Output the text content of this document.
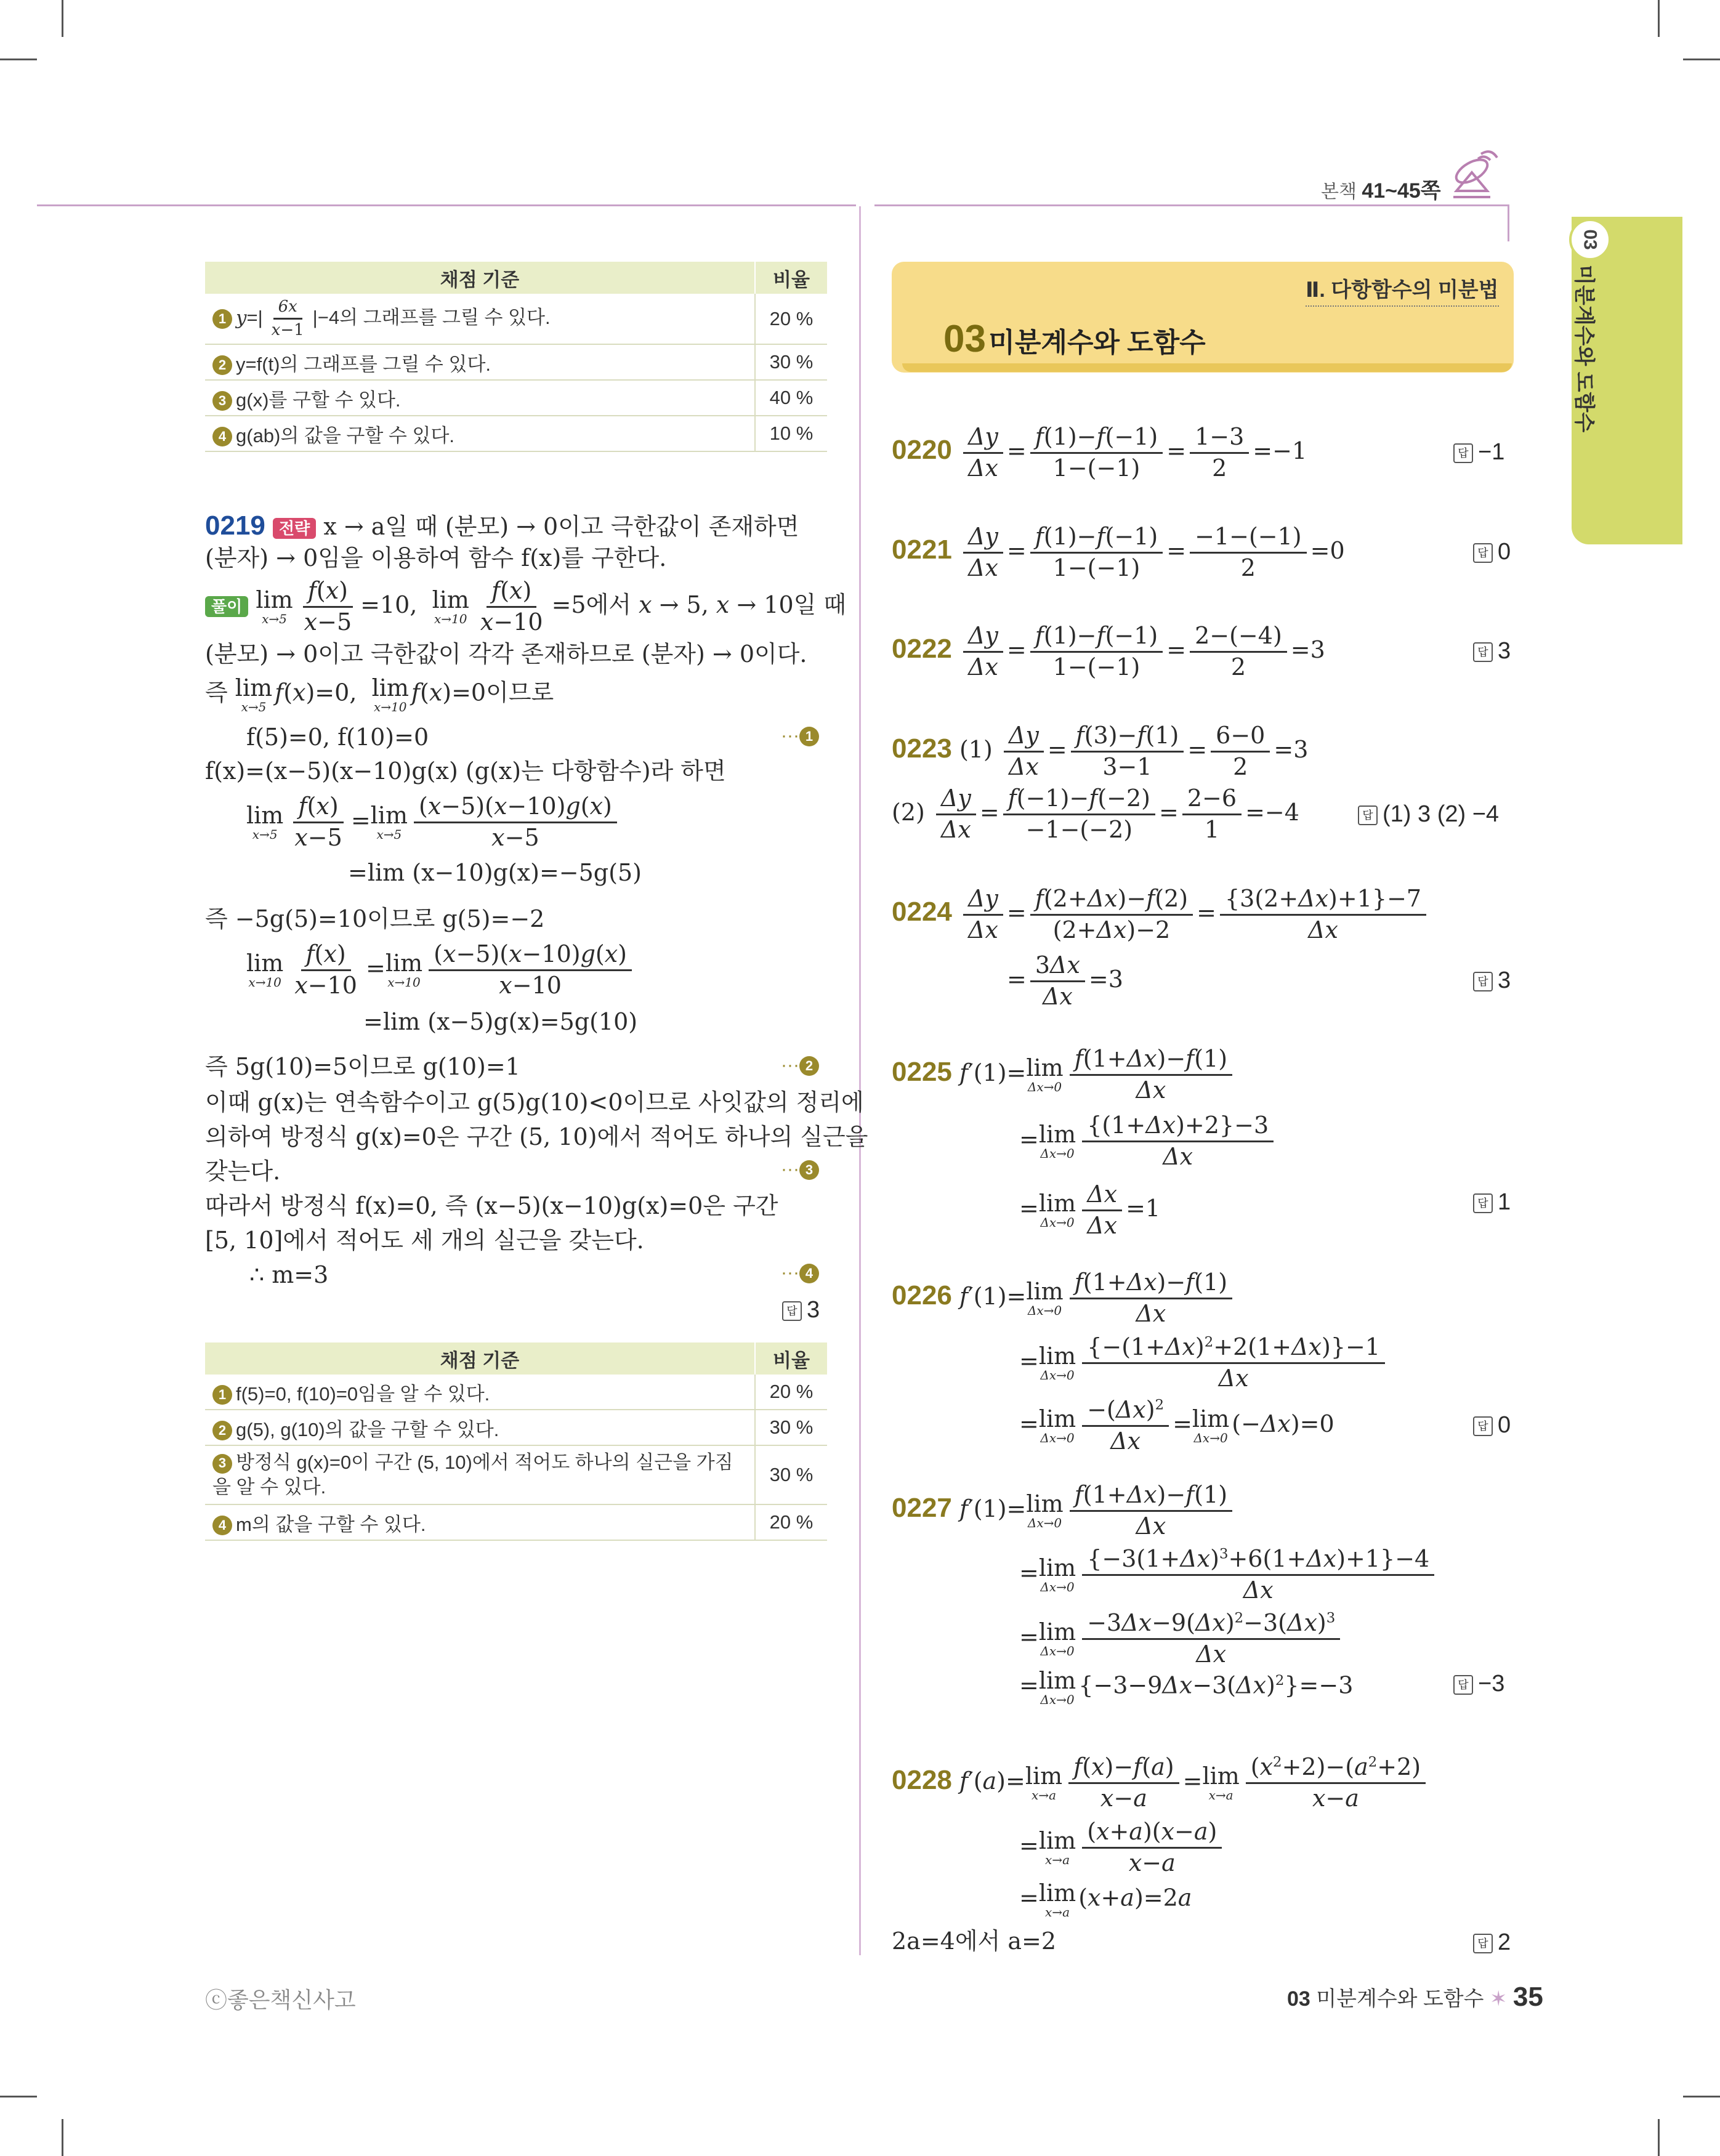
본책 41~45쪽
03
미분계수와 도함수
Ⅱ. 다항함수의 미분법
03 미분계수와 도함수
채점 기준	비율
1 $y=| \frac{6x}{x-1} |-4$의 그래프를 그릴 수 있다.	20 %
2 y=f(t)의 그래프를 그릴 수 있다.	30 %
3 g(x)를 구할 수 있다.	40 %
4 g(ab)의 값을 구할 수 있다.	10 %
0219 전략 x → a일 때 (분모) → 0이고 극한값이 존재하면
(분자) → 0임을 이용하여 함수 f(x)를 구한다.
풀이 lim
$x\to 5 \frac{f(x)}{x-5} =10$,  lim
$x\to 10 \frac{f(x)}{x-10} =5$에서 x → 5, x → 10일 때
(분모) → 0이고 극한값이 각각 존재하므로 (분자) → 0이다.
즉 lim
x→5
f(x)=0,  lim
x→10
f(x)=0이므로
f(5)=0, f(10)=0	··· 1
f(x)=(x−5)(x−10)g(x) (g(x)는 다항함수)라 하면
lim
$x\to 5 \frac{f(x)}{x-5} =\lim$
$x\to 5 \frac{(x-5)(x-10)g(x)}{x-5}$
=lim (x−10)g(x)=−5g(5)
즉 −5g(5)=10이므로 g(5)=−2
lim
$x\to 10 \frac{f(x)}{x-10} =\lim$
$x\to 10 \frac{(x-5)(x-10)g(x)}{x-10}$
=lim (x−5)g(x)=5g(10)
즉 5g(10)=5이므로 g(10)=1	··· 2
이때 g(x)는 연속함수이고 g(5)g(10)<0이므로 사잇값의 정리에
의하여 방정식 g(x)=0은 구간 (5, 10)에서 적어도 하나의 실근을
갖는다.	··· 3
따라서 방정식 f(x)=0, 즉 (x−5)(x−10)g(x)=0은 구간
[5, 10]에서 적어도 세 개의 실근을 갖는다.
∴ m=3	··· 4
답 3
채점 기준	비율
1 f(5)=0, f(10)=0임을 알 수 있다.	20 %
2 g(5), g(10)의 값을 구할 수 있다.	30 %
3 방정식 g(x)=0이 구간 (5, 10)에서 적어도 하나의 실근을 가짐을 알 수 있다.	30 %
4 m의 값을 구할 수 있다.	20 %
$0220 \frac{\Delta y}{\Delta x} = \frac{f(1)-f(-1)}{1-(-1)} = \frac{1-3}{2} =-1$	답 −1
$0221 \frac{\Delta y}{\Delta x} = \frac{f(1)-f(-1)}{1-(-1)} = \frac{-1-(-1)}{2} =0$	답 0
$0222 \frac{\Delta y}{\Delta x} = \frac{f(1)-f(-1)}{1-(-1)} = \frac{2-(-4)}{2} =3$	답 3
0223 $(1) \frac{\Delta y}{\Delta x} = \frac{f(3)-f(1)}{3-1} = \frac{6-0}{2} =3$
$(2) \frac{\Delta y}{\Delta x} = \frac{f(-1)-f(-2)}{-1-(-2)} = \frac{2-6}{1} =-4$	답 (1) 3 (2) −4
$0224 \frac{\Delta y}{\Delta x} = \frac{f(2+\Delta x)-f(2)}{(2+\Delta x)-2} = \frac{\{3(2+\Delta x)+1\}-7}{\Delta x}$
= $\frac{3\Delta x}{\Delta x} =3$	답 3
0225 f′(1)=lim
$\Delta x\to 0 \frac{f(1+\Delta x)-f(1)}{\Delta x}$
=lim
$\Delta x\to 0 \frac{\{(1+\Delta x)+2\}-3}{\Delta x}$
=lim
$\Delta x\to 0 \frac{\Delta x}{\Delta x} =1$	답 1
0226 f′(1)=lim
$\Delta x\to 0 \frac{f(1+\Delta x)-f(1)}{\Delta x}$
=lim
$\Delta x\to 0 \frac{\{-(1+\Delta x)^2+2(1+\Delta x)\}-1}{\Delta x}$
=lim
$\Delta x\to 0 \frac{-(\Delta x)^2}{\Delta x} =\lim$
Δx→0
(−Δx)=0	답 0
0227 f′(1)=lim
$\Delta x\to 0 \frac{f(1+\Delta x)-f(1)}{\Delta x}$
=lim
$\Delta x\to 0 \frac{\{-3(1+\Delta x)^3+6(1+\Delta x)+1\}-4}{\Delta x}$
=lim
$\Delta x\to 0 \frac{-3\Delta x-9(\Delta x)^2-3(\Delta x)^3}{\Delta x}$
=lim
Δx→0
$\{-3-9\Delta x-3(\Delta x)^2\}=-3$	답 −3
0228 f′(a)=lim
$x\to a \frac{f(x)-f(a)}{x-a} =\lim$
$x\to a \frac{(x^2+2)-(a^2+2)}{x-a}$
=lim
$x\to a \frac{(x+a)(x-a)}{x-a}$
=lim
x→a
(x+a)=2a
2a=4에서 a=2	답 2
ⓒ좋은책신사고	03 미분계수와 도함수 ✶ 35
